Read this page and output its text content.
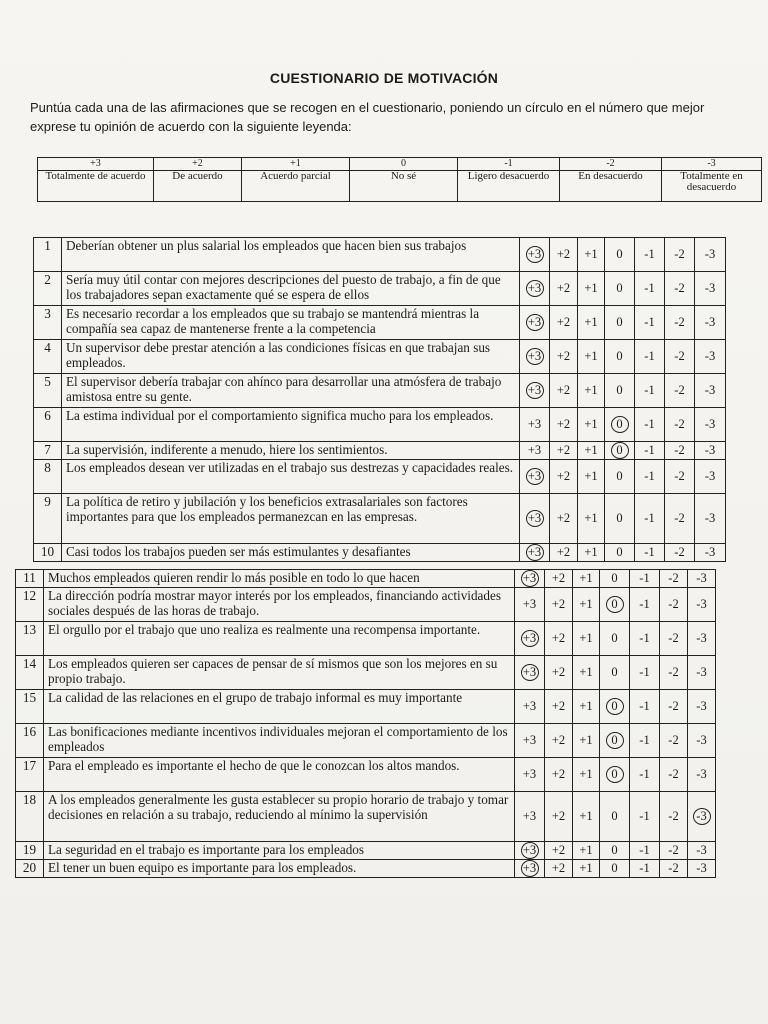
CUESTIONARIO DE MOTIVACIÓN
Puntúa cada una de las afirmaciones que se recogen en el cuestionario, poniendo un círculo en el número que mejor exprese tu opinión de acuerdo con la siguiente leyenda:
+3	+2	+1	0	-1	-2	-3
Totalmente de acuerdo	De acuerdo	Acuerdo parcial	No sé	Ligero desacuerdo	En desacuerdo	Totalmente en desacuerdo
1	Deberían obtener un plus salarial los empleados que hacen bien sus trabajos	+3	+2	+1	0	-1	-2	-3
2	Sería muy útil contar con mejores descripciones del puesto de trabajo, a fin de que los trabajadores sepan exactamente qué se espera de ellos	+3	+2	+1	0	-1	-2	-3
3	Es necesario recordar a los empleados que su trabajo se mantendrá mientras la compañía sea capaz de mantenerse frente a la competencia	+3	+2	+1	0	-1	-2	-3
4	Un supervisor debe prestar atención a las condiciones físicas en que trabajan sus empleados.	+3	+2	+1	0	-1	-2	-3
5	El supervisor debería trabajar con ahínco para desarrollar una atmósfera de trabajo amistosa entre su gente.	+3	+2	+1	0	-1	-2	-3
6	La estima individual por el comportamiento significa mucho para los empleados.	+3	+2	+1	0	-1	-2	-3
7	La supervisión, indiferente a menudo, hiere los sentimientos.	+3	+2	+1	0	-1	-2	-3
8	Los empleados desean ver utilizadas en el trabajo sus destrezas y capacidades reales.	+3	+2	+1	0	-1	-2	-3
9	La política de retiro y jubilación y los beneficios extrasalariales son factores importantes para que los empleados permanezcan en las empresas.	+3	+2	+1	0	-1	-2	-3
10	Casi todos los trabajos pueden ser más estimulantes y desafiantes	+3	+2	+1	0	-1	-2	-3
11	Muchos empleados quieren rendir lo más posible en todo lo que hacen	+3	+2	+1	0	-1	-2	-3
12	La dirección podría mostrar mayor interés por los empleados, financiando actividades sociales después de las horas de trabajo.	+3	+2	+1	0	-1	-2	-3
13	El orgullo por el trabajo que uno realiza es realmente una recompensa importante.	+3	+2	+1	0	-1	-2	-3
14	Los empleados quieren ser capaces de pensar de sí mismos que son los mejores en su propio trabajo.	+3	+2	+1	0	-1	-2	-3
15	La calidad de las relaciones en el grupo de trabajo informal es muy importante	+3	+2	+1	0	-1	-2	-3
16	Las bonificaciones mediante incentivos individuales mejoran el comportamiento de los empleados	+3	+2	+1	0	-1	-2	-3
17	Para el empleado es importante el hecho de que le conozcan los altos mandos.	+3	+2	+1	0	-1	-2	-3
18	A los empleados generalmente les gusta establecer su propio horario de trabajo y tomar decisiones en relación a su trabajo, reduciendo al mínimo la supervisión	+3	+2	+1	0	-1	-2	-3
19	La seguridad en el trabajo es importante para los empleados	+3	+2	+1	0	-1	-2	-3
20	El tener un buen equipo es importante para los empleados.	+3	+2	+1	0	-1	-2	-3
